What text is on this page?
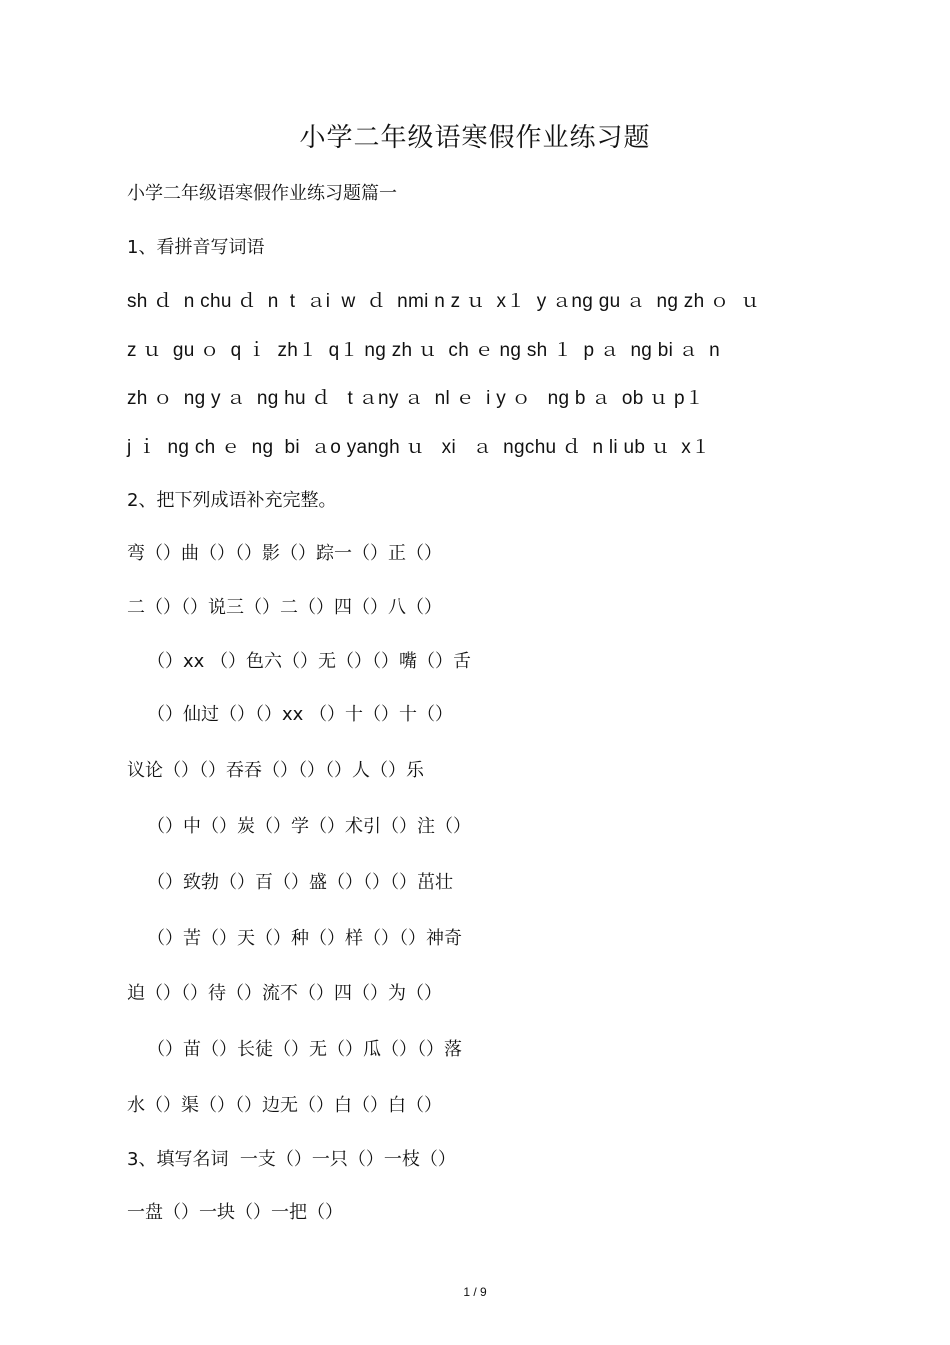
小学二年级语寒假作业练习题
小学二年级语寒假作业练习题篇一
1、看拼音写词语
sh ｄ  n chu ｄ  n  t  ａi  w  ｄ  nmi n z ｕ  x１  y ａng gu ａ  ng zh ｏ  ｕ
z ｕ  gu ｏ  q ｉ  zh１  q１ ng zh ｕ  ch ｅ ng sh １  p ａ  ng bi ａ  n
zh ｏ  ng y ａ  ng hu ｄ   t ａny ａ  nl ｅ  i y ｏ   ng b ａ  ob ｕ p１
j ｉ  ng ch ｅ  ng  bi  ａo yangh ｕ   xi   ａ  ngchu ｄ  n li ub ｕ  x１
2、把下列成语补充完整。
弯（）曲（）（）影（）踪一（）正（）
二（）（）说三（）二（）四（）八（）
（）xx （）色六（）无（）（）嘴（）舌
（）仙过（）（）xx （）十（）十（）
议论（）（）吞吞（）（）（）人（）乐
（）中（）炭（）学（）术引（）注（）
（）致勃（）百（）盛（）（）（）茁壮
（）苦（）天（）种（）样（）（）神奇
迫（）（）待（）流不（）四（）为（）
（）苗（）长徒（）无（）瓜（）（）落
水（）渠（）（）边无（）白（）白（）
3、填写名词  一支（）一只（）一枝（）
一盘（）一块（）一把（）
1 / 9
